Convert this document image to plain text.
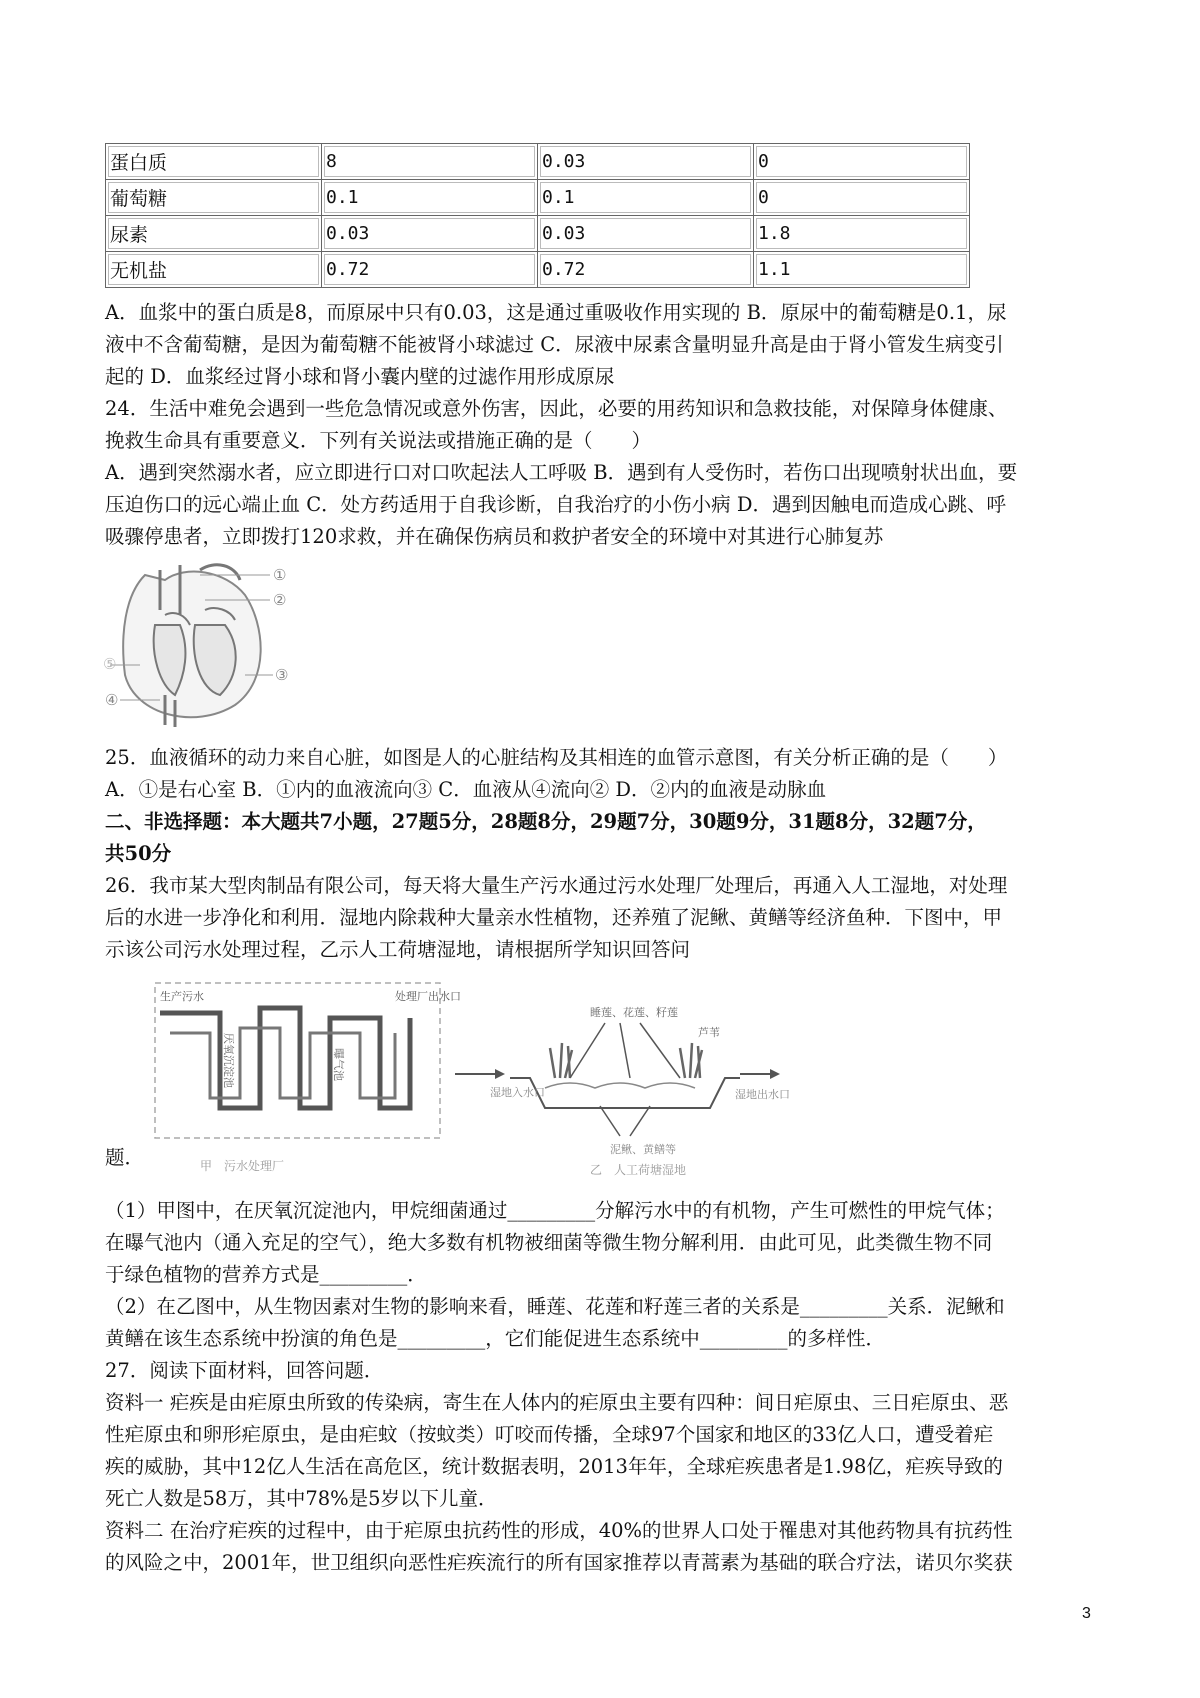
蛋白质	8	0.03	0
葡萄糖	0.1	0.1	0
尿素	0.03	0.03	1.8
无机盐	0.72	0.72	1.1

A．血浆中的蛋白质是8，而原尿中只有0.03，这是通过重吸收作用实现的 B．原尿中的葡萄糖是0.1，尿

液中不含葡萄糖，是因为葡萄糖不能被肾小球滤过 C．尿液中尿素含量明显升高是由于肾小管发生病变引

起的 D．血浆经过肾小球和肾小囊内壁的过滤作用形成原尿

24．生活中难免会遇到一些危急情况或意外伤害，因此，必要的用药知识和急救技能，对保障身体健康、

挽救生命具有重要意义．下列有关说法或措施正确的是（　　）

A．遇到突然溺水者，应立即进行口对口吹起法人工呼吸 B．遇到有人受伤时，若伤口出现喷射状出血，要

压迫伤口的远心端止血 C．处方药适用于自我诊断，自我治疗的小伤小病 D．遇到因触电而造成心跳、呼

吸骤停患者，立即拨打120求救，并在确保伤病员和救护者安全的环境中对其进行心肺复苏

①
②
③
④
⑤

25．血液循环的动力来自心脏，如图是人的心脏结构及其相连的血管示意图，有关分析正确的是（　　）

A．①是右心室 B．①内的血液流向③ C．血液从④流向② D．②内的血液是动脉血

二、非选择题：本大题共7小题，27题5分，28题8分，29题7分，30题9分，31题8分，32题7分，

共50分

26．我市某大型肉制品有限公司，每天将大量生产污水通过污水处理厂处理后，再通入人工湿地，对处理

后的水进一步净化和利用．湿地内除栽种大量亲水性植物，还养殖了泥鳅、黄鳝等经济鱼种．下图中，甲

示该公司污水处理过程，乙示人工荷塘湿地，请根据所学知识回答问

生产污水
厌氧沉淀池	曝气池
处理厂出水口
睡莲、花莲、籽莲
芦苇
湿地入水口	湿地出水口
泥鳅、黄鳝等
甲　污水处理厂	乙　人工荷塘湿地

题．

（1）甲图中，在厌氧沉淀池内，甲烷细菌通过_________分解污水中的有机物，产生可燃性的甲烷气体；

在曝气池内（通入充足的空气），绝大多数有机物被细菌等微生物分解利用．由此可见，此类微生物不同

于绿色植物的营养方式是_________．

（2）在乙图中，从生物因素对生物的影响来看，睡莲、花莲和籽莲三者的关系是_________关系．泥鳅和

黄鳝在该生态系统中扮演的角色是_________，它们能促进生态系统中_________的多样性．

27．阅读下面材料，回答问题．

资料一 疟疾是由疟原虫所致的传染病，寄生在人体内的疟原虫主要有四种：间日疟原虫、三日疟原虫、恶

性疟原虫和卵形疟原虫，是由疟蚊（按蚊类）叮咬而传播，全球97个国家和地区的33亿人口，遭受着疟

疾的威胁，其中12亿人生活在高危区，统计数据表明，2013年年，全球疟疾患者是1.98亿，疟疾导致的

死亡人数是58万，其中78%是5岁以下儿童．

资料二 在治疗疟疾的过程中，由于疟原虫抗药性的形成，40%的世界人口处于罹患对其他药物具有抗药性

的风险之中，2001年，世卫组织向恶性疟疾流行的所有国家推荐以青蒿素为基础的联合疗法，诺贝尔奖获

3
